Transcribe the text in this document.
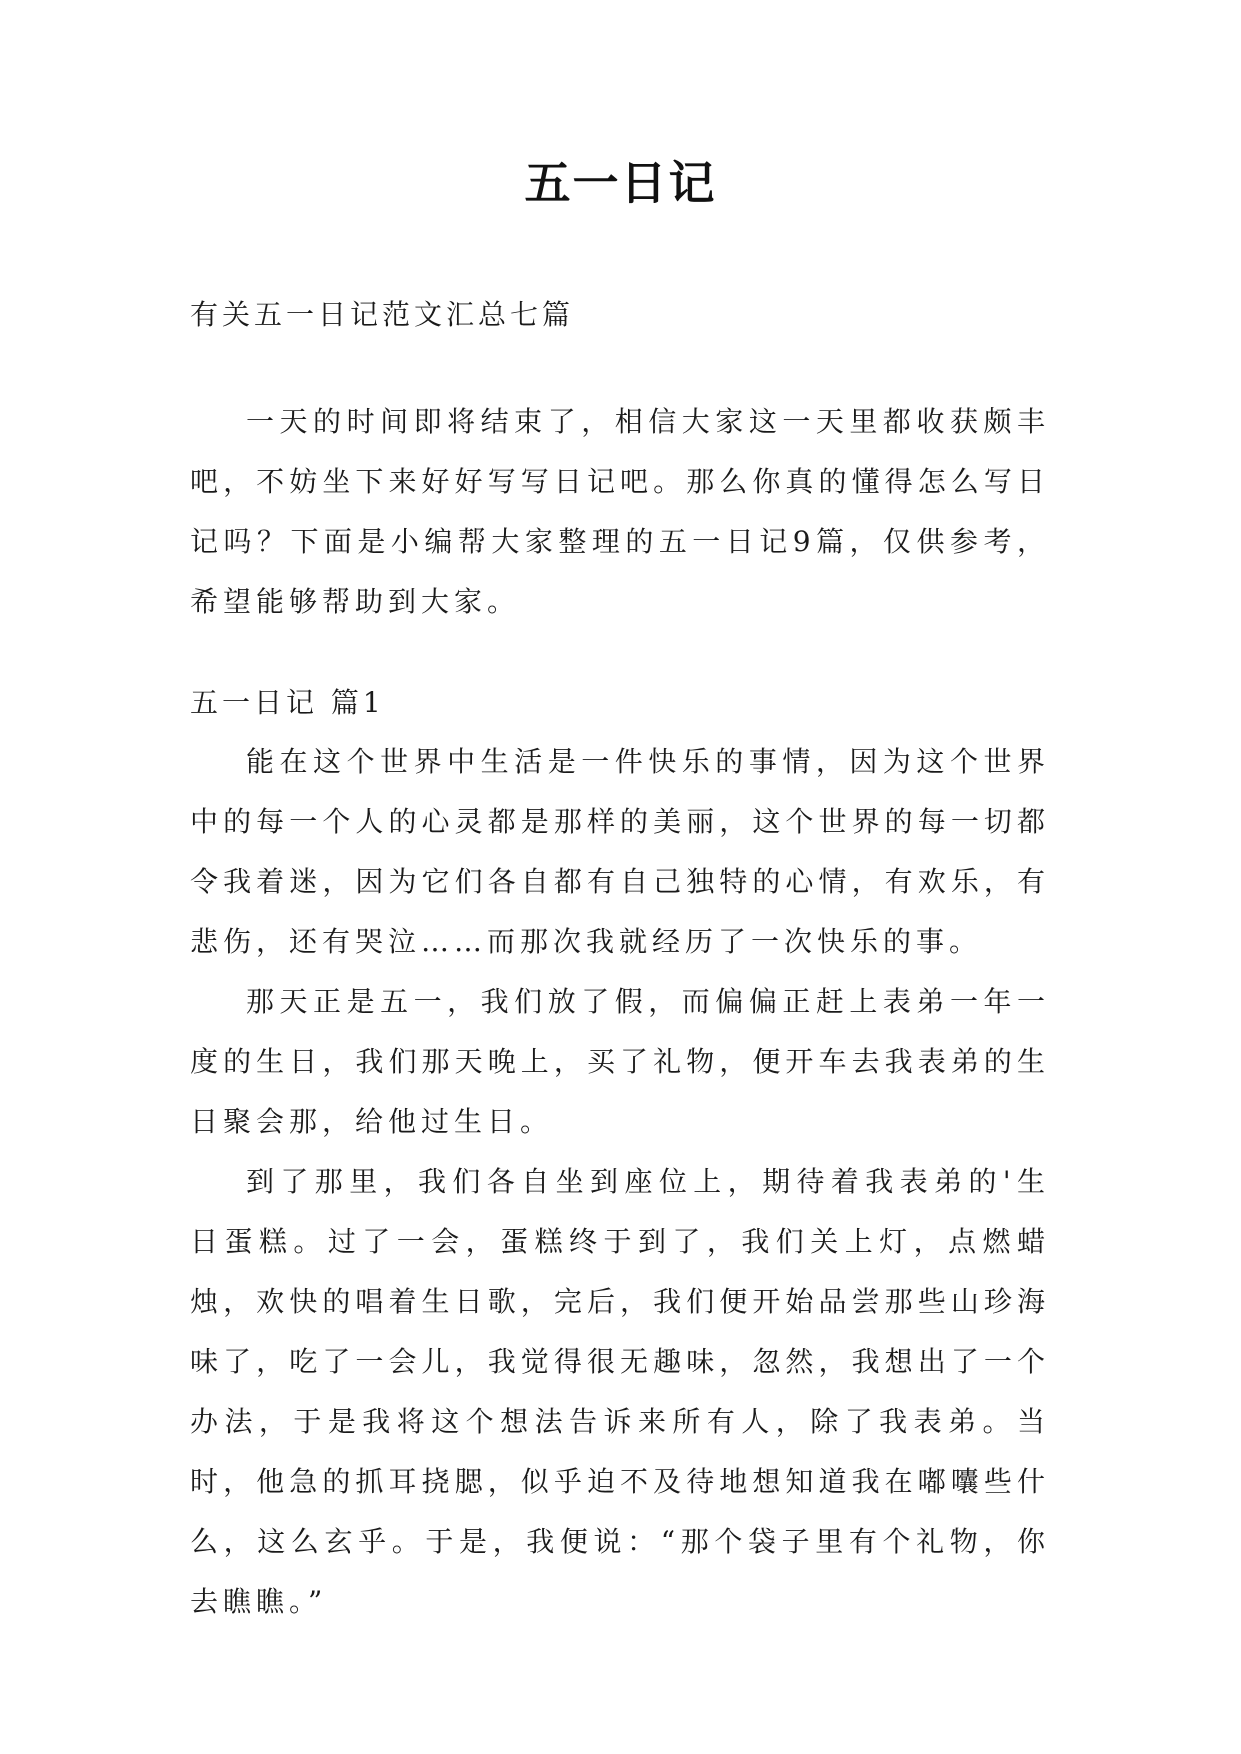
五一日记

有关五一日记范文汇总七篇

一天的时间即将结束了，相信大家这一天里都收获颇丰吧，不妨坐下来好好写写日记吧。那么你真的懂得怎么写日记吗？下面是小编帮大家整理的五一日记9篇，仅供参考，希望能够帮助到大家。

五一日记 篇1

能在这个世界中生活是一件快乐的事情，因为这个世界中的每一个人的心灵都是那样的美丽，这个世界的每一切都令我着迷，因为它们各自都有自己独特的心情，有欢乐，有悲伤，还有哭泣……而那次我就经历了一次快乐的事。

那天正是五一，我们放了假，而偏偏正赶上表弟一年一度的生日，我们那天晚上，买了礼物，便开车去我表弟的生日聚会那，给他过生日。

到了那里，我们各自坐到座位上，期待着我表弟的'生日蛋糕。过了一会，蛋糕终于到了，我们关上灯，点燃蜡烛，欢快的唱着生日歌，完后，我们便开始品尝那些山珍海味了，吃了一会儿，我觉得很无趣味，忽然，我想出了一个办法，于是我将这个想法告诉来所有人，除了我表弟。当时，他急的抓耳挠腮，似乎迫不及待地想知道我在嘟囔些什么，这么玄乎。于是，我便说：“那个袋子里有个礼物，你去瞧瞧。”
